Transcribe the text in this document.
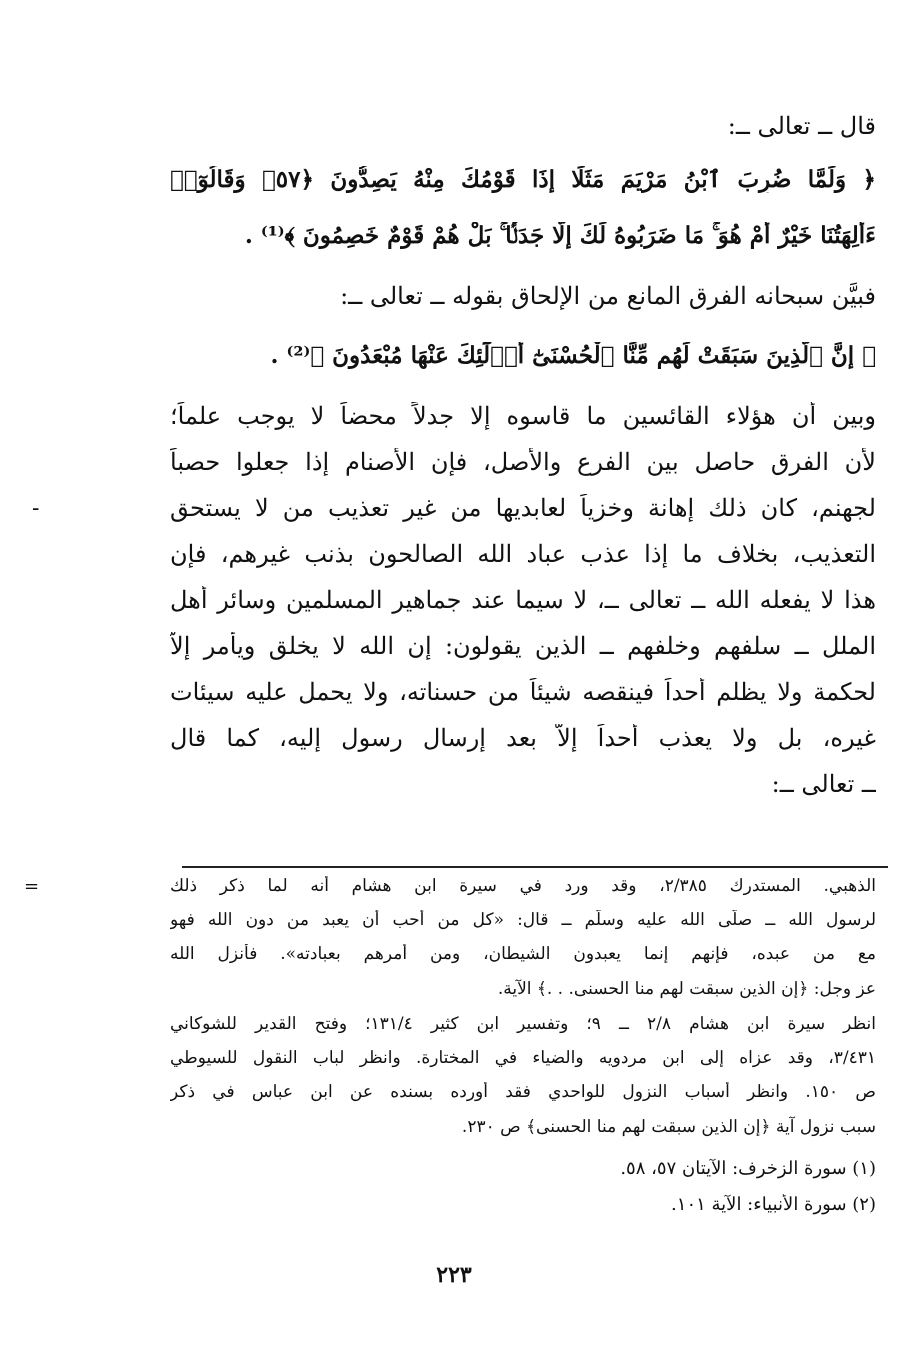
قال ــ تعالى ــ:
﴿ وَلَمَّا ضُرِبَ ٱبْنُ مَرْيَمَ مَثَلًا إِذَا قَوْمُكَ مِنْهُ يَصِدُّونَ ﴿٥٧﴾ وَقَالُوٓا۟
ءَأَٰلِهَتُنَا خَيْرٌ أَمْ هُوَ ۚ مَا ضَرَبُوهُ لَكَ إِلَّا جَدَلًۢا ۚ بَلْ هُمْ قَوْمٌ خَصِمُونَ ﴾⁽¹⁾ .
فبيَّن سبحانه الفرق المانع من الإلحاق بقوله ــ تعالى ــ:
﴿ إِنَّ ٱلَّذِينَ سَبَقَتْ لَهُم مِّنَّا ٱلْحُسْنَىٰٓ أُو۟لَٰٓئِكَ عَنْهَا مُبْعَدُونَ ﴾⁽²⁾ .
وبين أن هؤلاء القائسين ما قاسوه إلا جدلاً محضاً لا يوجب علماً؛
لأن الفرق حاصل بين الفرع والأصل، فإن الأصنام إذا جعلوا حصباً
لجهنم، كان ذلك إهانة وخزياً لعابديها من غير تعذيب من لا يستحق
التعذيب، بخلاف ما إذا عذب عباد الله الصالحون بذنب غيرهم، فإن
هذا لا يفعله الله ــ تعالى ــ، لا سيما عند جماهير المسلمين وسائر أهل
الملل ــ سلفهم وخلفهم ــ الذين يقولون: إن الله لا يخلق ويأمر إلاَّ
لحكمة ولا يظلم أحداً فينقصه شيئاً من حسناته، ولا يحمل عليه سيئات
غيره، بل ولا يعذب أحداً إلاَّ بعد إرسال رسول إليه، كما قال
ــ تعالى ــ:
-
=	الذهبي. المستدرك ٢/٣٨٥، وقد ورد في سيرة ابن هشام أنه لما ذكر ذلك
لرسول الله ــ صلَّى الله عليه وسلَّم ــ قال: «كل من أحب أن يعبد من دون الله فهو
مع من عبده، فإنهم إنما يعبدون الشيطان، ومن أمرهم بعبادته». فأنزل الله
عز وجل: ﴿إن الذين سبقت لهم منا الحسنى. . .﴾ الآية.
انظر سيرة ابن هشام ٢/٨ ــ ٩؛ وتفسير ابن كثير ١٣١/٤؛ وفتح القدير للشوكاني
٣/٤٣١، وقد عزاه إلى ابن مردويه والضياء في المختارة. وانظر لباب النقول للسيوطي
ص ١٥٠. وانظر أسباب النزول للواحدي فقد أورده بسنده عن ابن عباس في ذكر
سبب نزول آية ﴿إن الذين سبقت لهم منا الحسنى﴾ ص ٢٣٠.
(١) سورة الزخرف: الآيتان ٥٧، ٥٨.
(٢) سورة الأنبياء: الآية ١٠١.
٢٢٣
